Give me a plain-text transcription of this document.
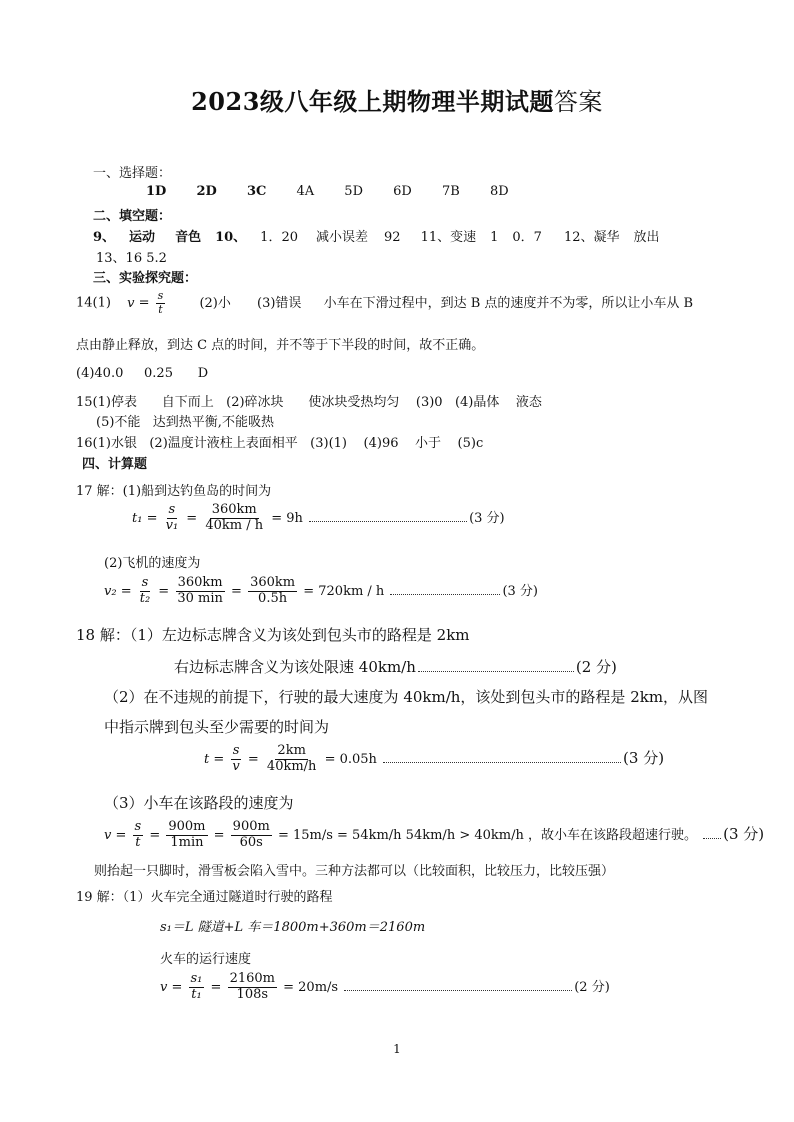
2023级八年级上期物理半期试题答案
一、选择题：
1D 2D 3C 4A 5D 6D 7B 8D
二、填空题：
9、 运动 音色 10、 1．20 减小误差 92 11、变速 1 0．7 12、凝华 放出
13、16 5.2
三、实验探究题：
14(1) $v = \frac{s}{t}$	(2)小 (3)错误 小车在下滑过程中，到达 B 点的速度并不为零，所以让小车从 B
点由静止释放，到达 C 点的时间，并不等于下半段的时间，故不正确。
(4)40.0     0.25      D
15(1)停表      自下而上   (2)碎冰块      使冰块受热均匀    (3)0   (4)晶体    液态
(5)不能   达到热平衡,不能吸热
16(1)水银   (2)温度计液柱上表面相平   (3)(1)    (4)96    小于    (5)c
四、计算题
17 解：(1)船到达钓鱼岛的时间为
$t_1 = \frac{s}{\text{v₁}} = \frac{360km}{40km / h} = 9h$	(3 分)
(2)飞机的速度为
$v_2 = \frac{s}{\text{t₂}} = \frac{360km}{30 \min} = \frac{360km}{0.5h} = 720km / h$	(3 分)
18 解：（1）左边标志牌含义为该处到包头市的路程是 2km
右边标志牌含义为该处限速 40km/h	(2 分)
（2）在不违规的前提下，行驶的最大速度为 40km/h，该处到包头市的路程是 2km，从图
中指示牌到包头至少需要的时间为
$t = \frac{s}{v} = \frac{2km}{40km/h} = 0.05h$	(3 分)
（3）小车在该路段的速度为
$v = \frac{s}{t} = \frac{900m}{1\min} = \frac{900m}{60s} = 15m/s = 54km/h$ 54km/h > 40km/h ，故小车在该路段超速行驶。 (3 分)
则抬起一只脚时，滑雪板会陷入雪中。三种方法都可以（比较面积，比较压力，比较压强）
19 解：（1）火车完全通过隧道时行驶的路程
s₁＝L 隧道+L 车＝1800m+360m＝2160m
火车的运行速度
$v = \frac{\text{s₁}}{\text{t₁}} = \frac{2160m}{108s} = 20m/s$	(2 分)
1
